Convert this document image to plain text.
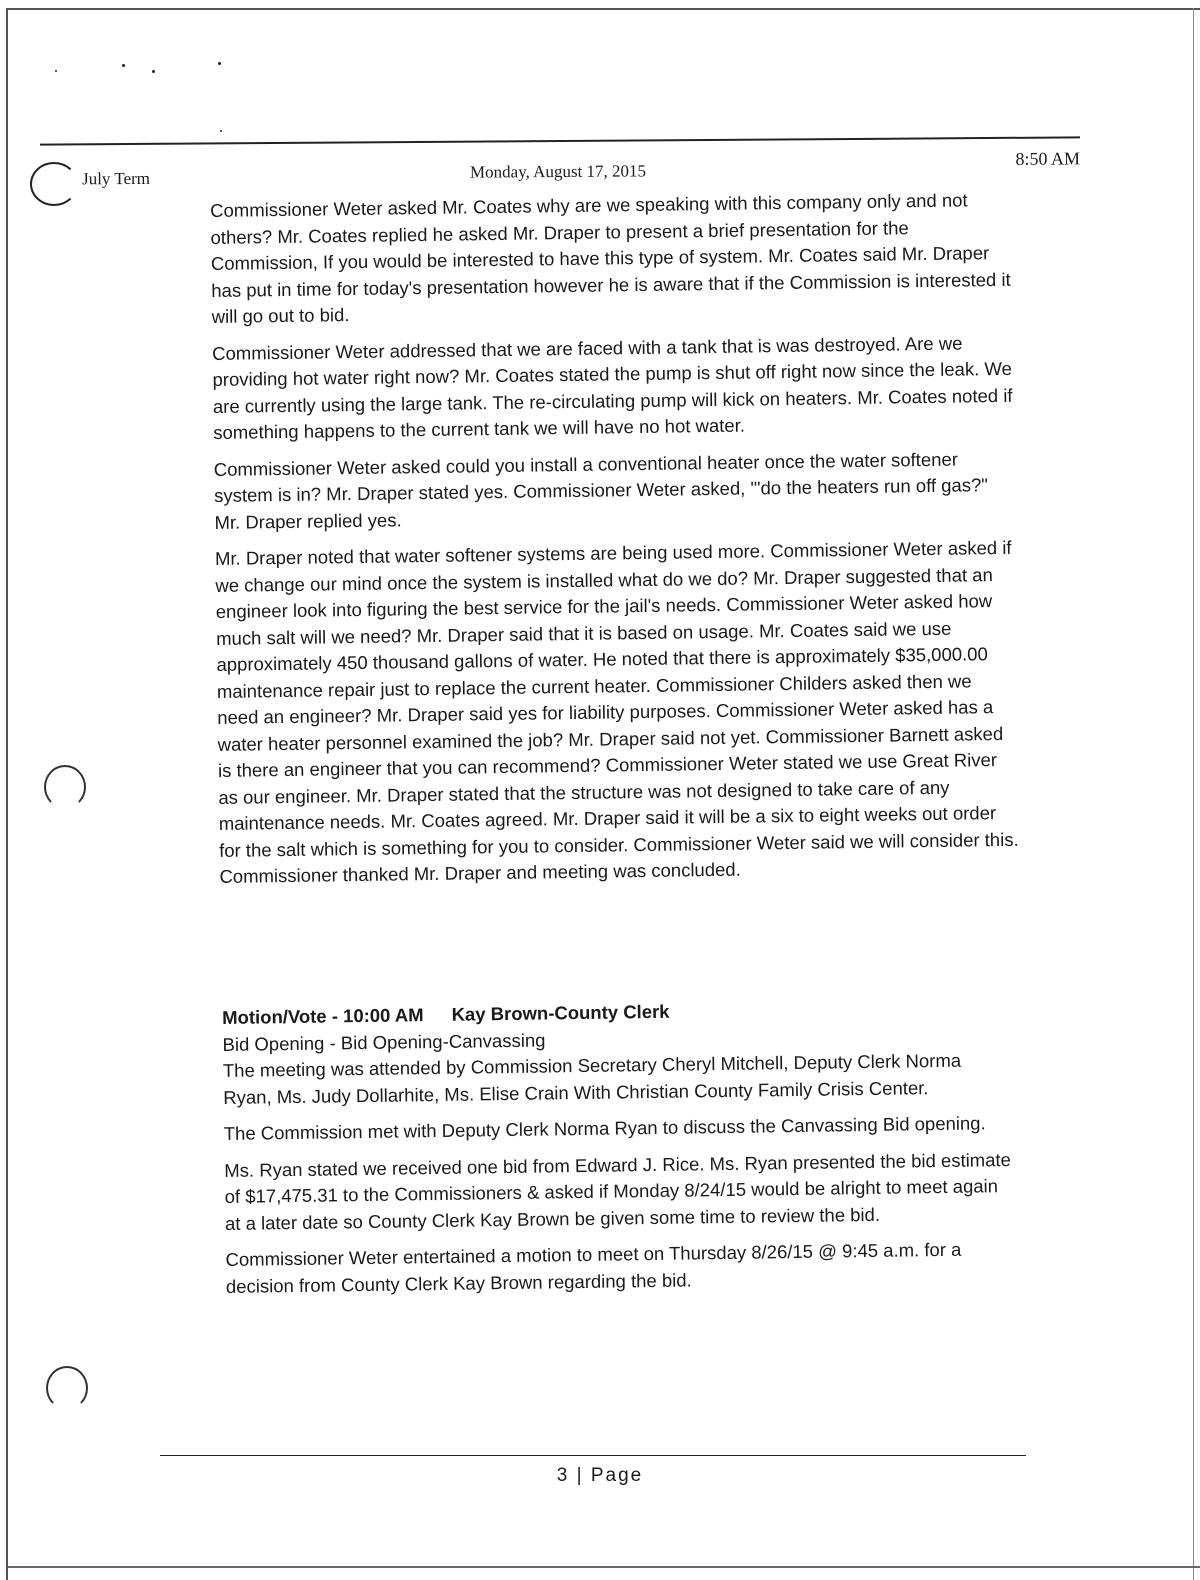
July Term	Monday, August 17, 2015
8:50 AM

Commissioner Weter asked Mr. Coates why are we speaking with this company only and not others? Mr. Coates replied he asked Mr. Draper to present a brief presentation for the Commission, If you would be interested to have this type of system. Mr. Coates said Mr. Draper has put in time for today's presentation however he is aware that if the Commission is interested it will go out to bid.

Commissioner Weter addressed that we are faced with a tank that is was destroyed. Are we providing hot water right now? Mr. Coates stated the pump is shut off right now since the leak. We are currently using the large tank. The re-circulating pump will kick on heaters. Mr. Coates noted if something happens to the current tank we will have no hot water.

Commissioner Weter asked could you install a conventional heater once the water softener system is in? Mr. Draper stated yes. Commissioner Weter asked, '"do the heaters run off gas?" Mr. Draper replied yes.

Mr. Draper noted that water softener systems are being used more. Commissioner Weter asked if we change our mind once the system is installed what do we do? Mr. Draper suggested that an engineer look into figuring the best service for the jail's needs. Commissioner Weter asked how much salt will we need? Mr. Draper said that it is based on usage. Mr. Coates said we use approximately 450 thousand gallons of water. He noted that there is approximately $35,000.00 maintenance repair just to replace the current heater. Commissioner Childers asked then we need an engineer? Mr. Draper said yes for liability purposes. Commissioner Weter asked has a water heater personnel examined the job? Mr. Draper said not yet. Commissioner Barnett asked is there an engineer that you can recommend? Commissioner Weter stated we use Great River as our engineer. Mr. Draper stated that the structure was not designed to take care of any maintenance needs. Mr. Coates agreed. Mr. Draper said it will be a six to eight weeks out order for the salt which is something for you to consider. Commissioner Weter said we will consider this. Commissioner thanked Mr. Draper and meeting was concluded.

Motion/Vote - 10:00 AM Kay Brown-County Clerk

Bid Opening - Bid Opening-Canvassing

The meeting was attended by Commission Secretary Cheryl Mitchell, Deputy Clerk Norma Ryan, Ms. Judy Dollarhite, Ms. Elise Crain With Christian County Family Crisis Center.

The Commission met with Deputy Clerk Norma Ryan to discuss the Canvassing Bid opening.

Ms. Ryan stated we received one bid from Edward J. Rice. Ms. Ryan presented the bid estimate of $17,475.31 to the Commissioners & asked if Monday 8/24/15 would be alright to meet again at a later date so County Clerk Kay Brown be given some time to review the bid.

Commissioner Weter entertained a motion to meet on Thursday 8/26/15 @ 9:45 a.m. for a decision from County Clerk Kay Brown regarding the bid.

3 | Page
